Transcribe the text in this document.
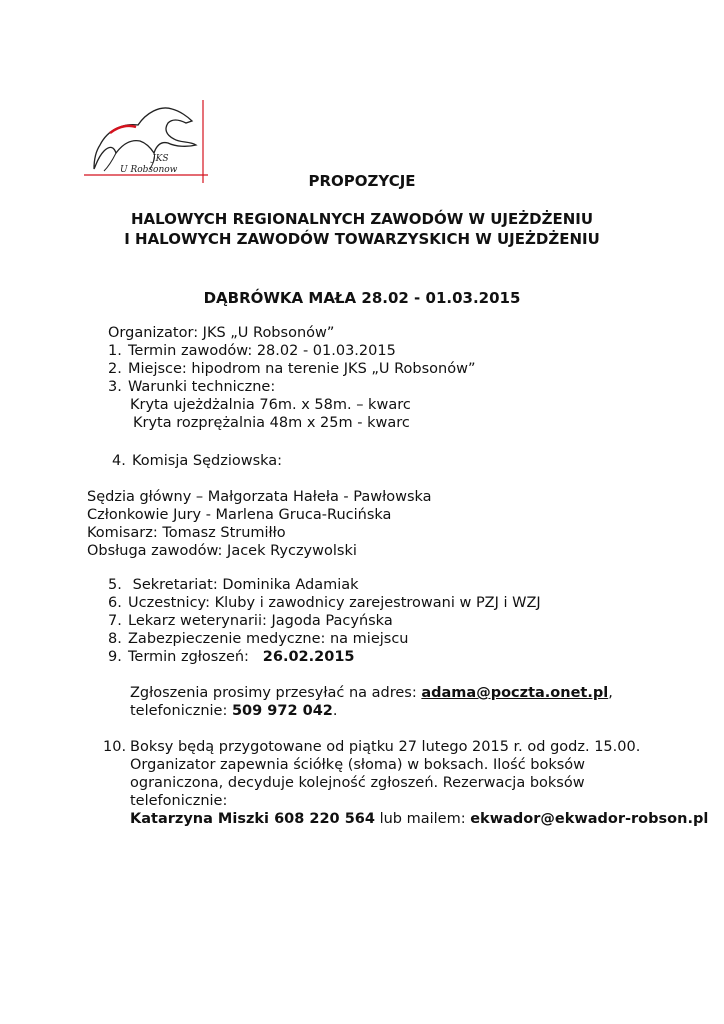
JKS
U Robsonow
PROPOZYCJE
HALOWYCH REGIONALNYCH ZAWODÓW W UJEŻDŻENIU
I HALOWYCH ZAWODÓW TOWARZYSKICH W UJEŻDŻENIU
DĄBRÓWKA MAŁA 28.02 - 01.03.2015
Organizator: JKS „U Robsonów”
1. Termin zawodów: 28.02 - 01.03.2015
2. Miejsce: hipodrom na terenie JKS „U Robsonów”
3. Warunki techniczne:
Kryta ujeżdżalnia 76m. x 58m. – kwarc
Kryta rozprężalnia 48m x 25m - kwarc
4. Komisja Sędziowska:
Sędzia główny – Małgorzata Hałeła - Pawłowska
Członkowie Jury - Marlena Gruca-Rucińska
Komisarz: Tomasz Strumiłło
Obsługa zawodów: Jacek Ryczywolski
5. Sekretariat: Dominika Adamiak
6. Uczestnicy: Kluby i zawodnicy zarejestrowani w PZJ i WZJ
7. Lekarz weterynarii: Jagoda Pacyńska
8. Zabezpieczenie medyczne: na miejscu
9. Termin zgłoszeń:   26.02.2015
Zgłoszenia prosimy przesyłać na adres: adama@poczta.onet.pl,
telefonicznie: 509 972 042.
10. Boksy będą przygotowane od piątku 27 lutego 2015 r. od godz. 15.00.
Organizator zapewnia ściółkę (słoma) w boksach. Ilość boksów
ograniczona, decyduje kolejność zgłoszeń. Rezerwacja boksów
telefonicznie:
Katarzyna Miszki 608 220 564 lub mailem: ekwador@ekwador-robson.pl
